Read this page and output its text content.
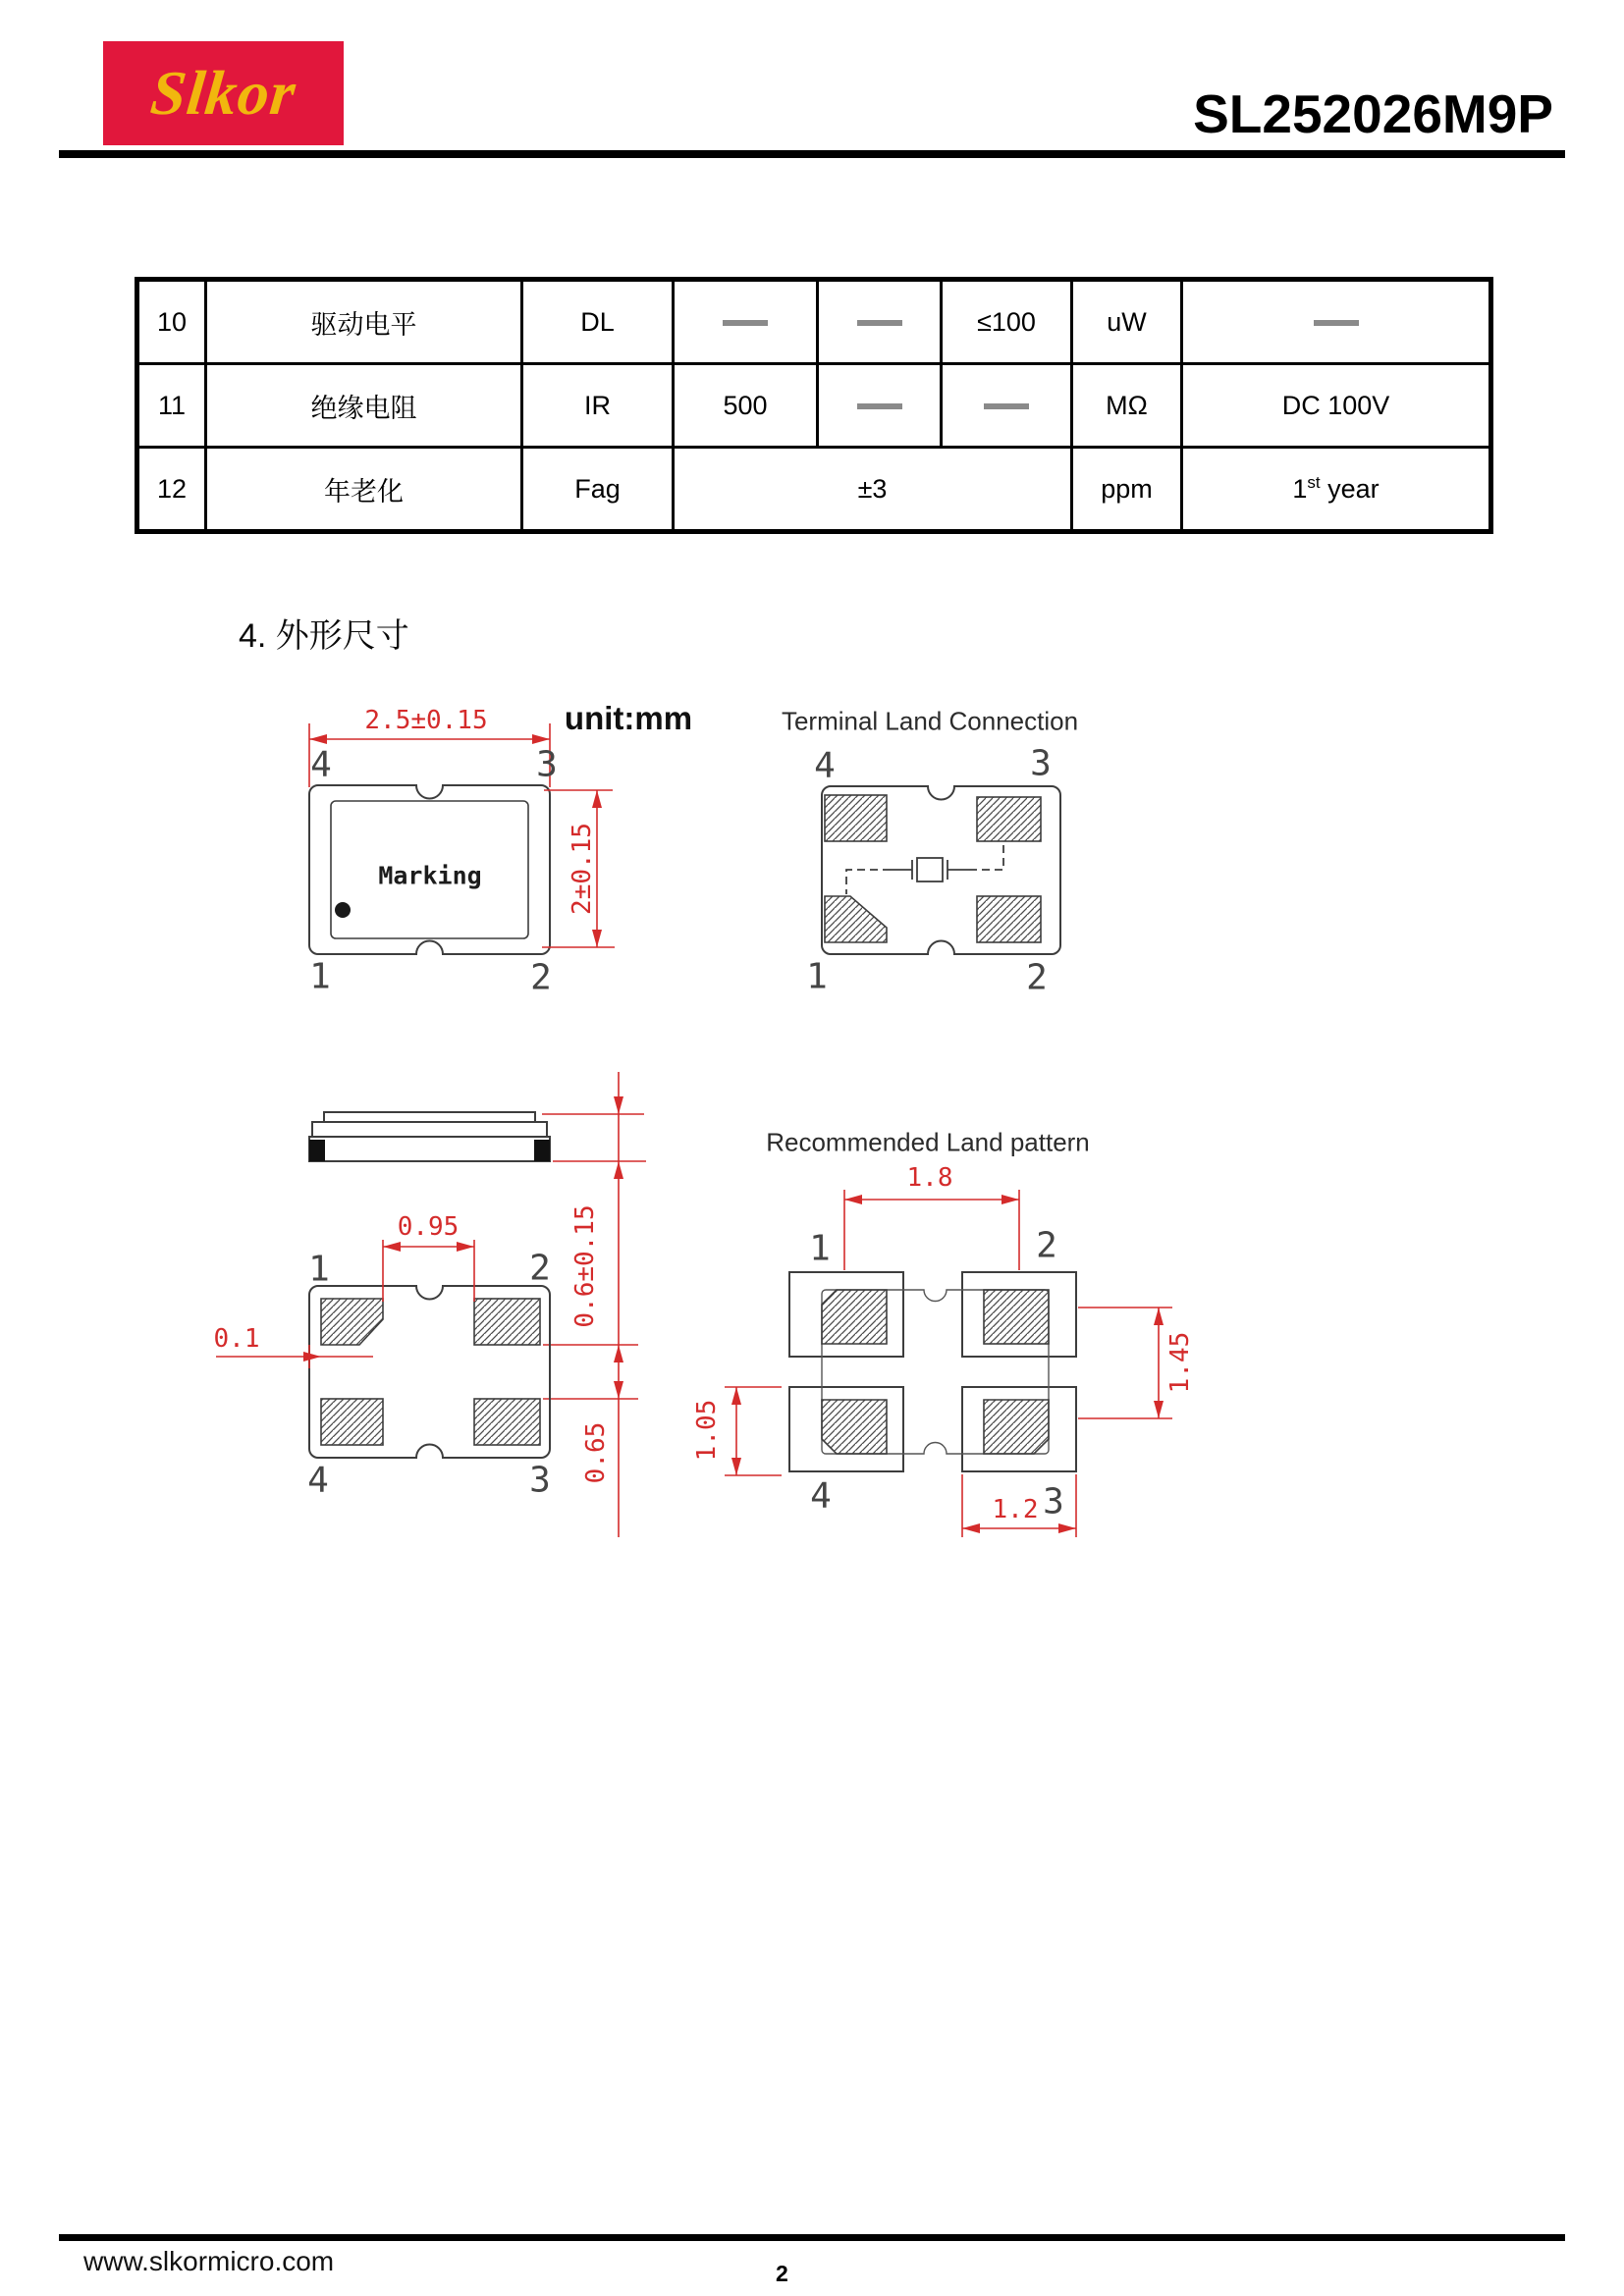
Slkor	SL252026M9P
10	驱动电平	DL			≤100	uW	
11	绝缘电阻	IR	500			MΩ	DC 100V
12	年老化	Fag	±3			ppm	1st year
4. 外形尺寸
2.5±0.15 unit:mm
2±0.15
Marking
4	3
1	2
Terminal Land Connection
4	3
1	2
0.95
0.1
0.6±0.15
0.65
1	2
4	3
Recommended Land pattern
1.8
1.45
1.05
1.2
1	2
4	3
www.slkormicro.com	2
